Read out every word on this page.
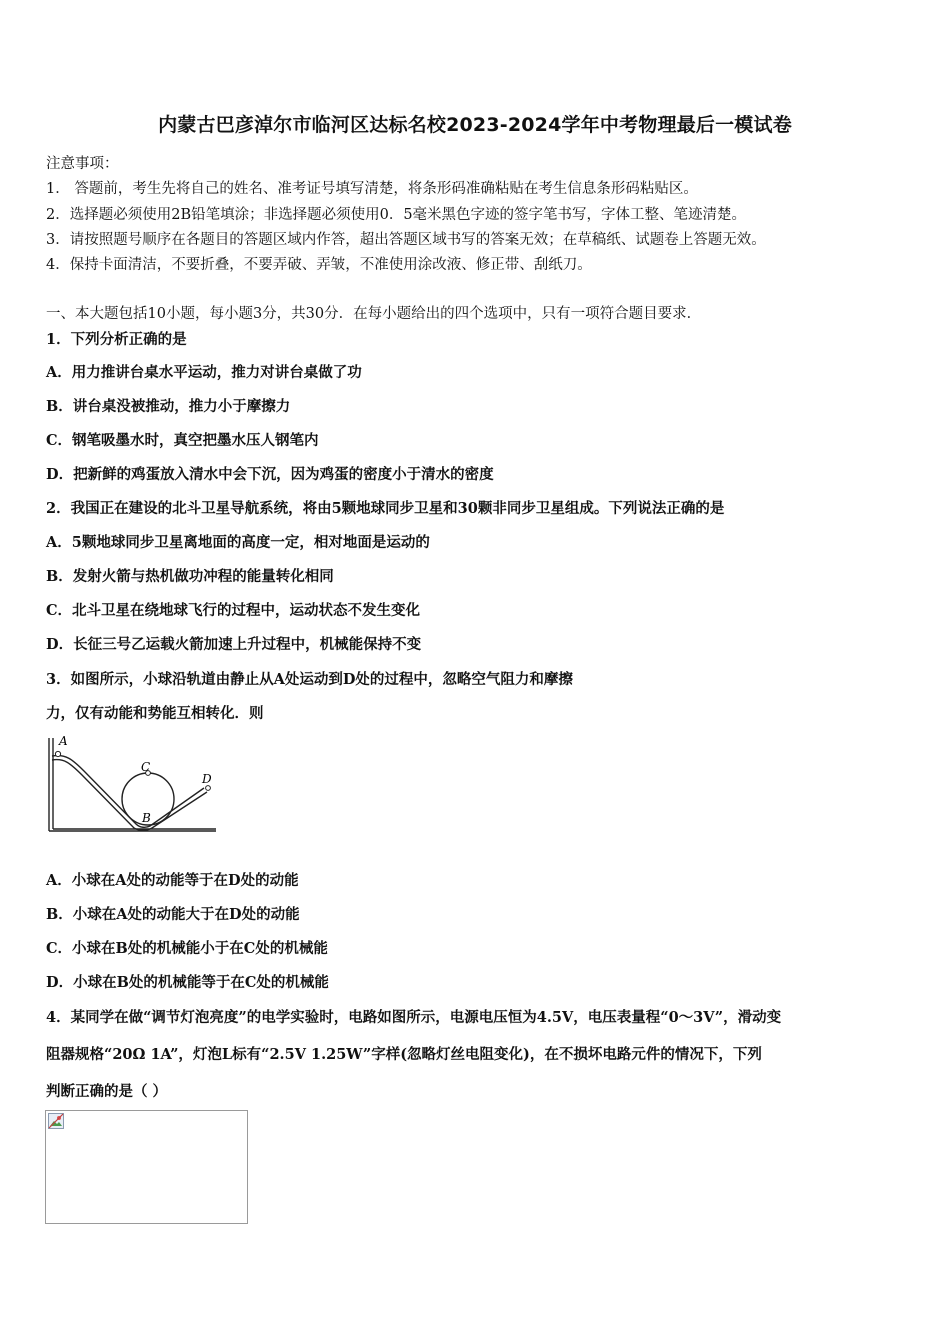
内蒙古巴彦淖尔市临河区达标名校2023-2024学年中考物理最后一模试卷
注意事项：
1． 答题前，考生先将自己的姓名、准考证号填写清楚，将条形码准确粘贴在考生信息条形码粘贴区。
2．选择题必须使用2B铅笔填涂；非选择题必须使用0．5毫米黑色字迹的签字笔书写，字体工整、笔迹清楚。
3．请按照题号顺序在各题目的答题区域内作答，超出答题区域书写的答案无效；在草稿纸、试题卷上答题无效。
4．保持卡面清洁，不要折叠，不要弄破、弄皱，不准使用涂改液、修正带、刮纸刀。
一、本大题包括10小题，每小题3分，共30分．在每小题给出的四个选项中，只有一项符合题目要求．
1．下列分析正确的是
A．用力推讲台桌水平运动，推力对讲台桌做了功
B．讲台桌没被推动，推力小于摩擦力
C．钢笔吸墨水时，真空把墨水压人钢笔内
D．把新鲜的鸡蛋放入清水中会下沉，因为鸡蛋的密度小于清水的密度
2．我国正在建设的北斗卫星导航系统，将由5颗地球同步卫星和30颗非同步卫星组成。下列说法正确的是
A．5颗地球同步卫星离地面的高度一定，相对地面是运动的
B．发射火箭与热机做功冲程的能量转化相同
C．北斗卫星在绕地球飞行的过程中，运动状态不发生变化
D．长征三号乙运载火箭加速上升过程中，机械能保持不变
3．如图所示，小球沿轨道由静止从A处运动到D处的过程中，忽略空气阻力和摩擦
力，仅有动能和势能互相转化．则
A
C
B
D
A．小球在A处的动能等于在D处的动能
B．小球在A处的动能大于在D处的动能
C．小球在B处的机械能小于在C处的机械能
D．小球在B处的机械能等于在C处的机械能
4．某同学在做“调节灯泡亮度”的电学实验时，电路如图所示，电源电压恒为4.5V，电压表量程“0～3V”，滑动变
阻器规格“20Ω 1A”，灯泡L标有“2.5V 1.25W”字样(忽略灯丝电阻变化)，在不损坏电路元件的情况下，下列
判断正确的是（ ）
